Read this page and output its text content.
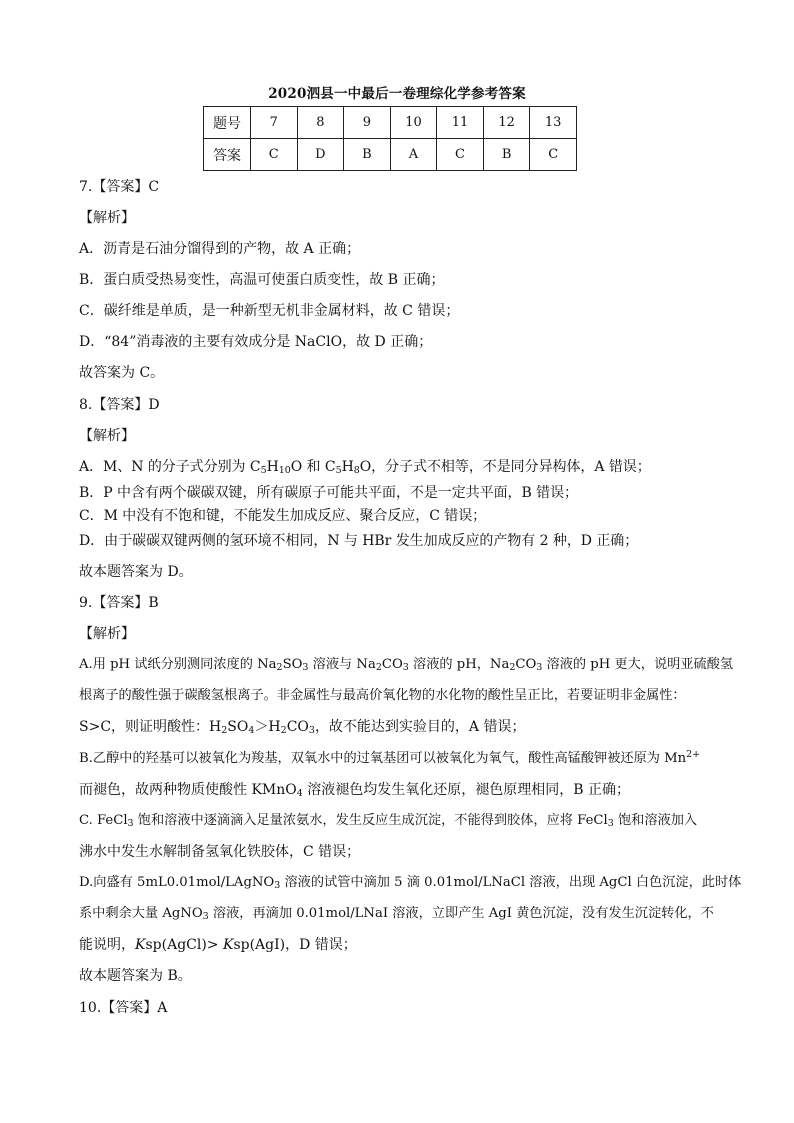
2020泗县一中最后一卷理综化学参考答案
题号	7	8	9	10	11	12	13
答案	C	D	B	A	C	B	C
7.【答案】C
【解析】
A．沥青是石油分馏得到的产物，故 A 正确；
B．蛋白质受热易变性，高温可使蛋白质变性，故 B 正确；
C．碳纤维是单质，是一种新型无机非金属材料，故 C 错误；
D．“84”消毒液的主要有效成分是 NaClO，故 D 正确；
故答案为 C。
8.【答案】D
【解析】
A．M、N 的分子式分别为 $C_5H_{10}O$ 和 $C_5H_8O$，分子式不相等，不是同分异构体，A 错误；
B．P 中含有两个碳碳双键，所有碳原子可能共平面，不是一定共平面，B 错误；
C．M 中没有不饱和键，不能发生加成反应、聚合反应，C 错误；
D．由于碳碳双键两侧的氢环境不相同，N 与 HBr 发生加成反应的产物有 2 种，D 正确；
故本题答案为 D。
9.【答案】B
【解析】
A.用 pH 试纸分别测同浓度的 $Na_2SO_3$ 溶液与 $Na_2CO_3$ 溶液的 pH，$Na_2CO_3$ 溶液的 pH 更大，说明亚硫酸氢
根离子的酸性强于碳酸氢根离子。非金属性与最高价氧化物的水化物的酸性呈正比，若要证明非金属性：
S>C，则证明酸性：$H_2SO_4>H_2CO_3$，故不能达到实验目的，A 错误；
B.乙醇中的羟基可以被氧化为羧基，双氧水中的过氧基团可以被氧化为氧气，酸性高锰酸钾被还原为 $Mn^{2+}$
而褪色，故两种物质使酸性 KMnO$_4$ 溶液褪色均发生氧化还原，褪色原理相同，B 正确；
C. FeCl$_3$ 饱和溶液中逐滴滴入足量浓氨水，发生反应生成沉淀，不能得到胶体，应将 FeCl$_3$ 饱和溶液加入
沸水中发生水解制备氢氧化铁胶体，C 错误；
D.向盛有 5mL0.01mol/LAgNO$_3$ 溶液的试管中滴加 5 滴 0.01mol/LNaCl 溶液，出现 AgCl 白色沉淀，此时体
系中剩余大量 AgNO$_3$ 溶液，再滴加 0.01mol/LNaI 溶液，立即产生 AgI 黄色沉淀，没有发生沉淀转化，不
能说明，Ksp(AgCl)> Ksp(AgI)，D 错误；
故本题答案为 B。
10.【答案】A
